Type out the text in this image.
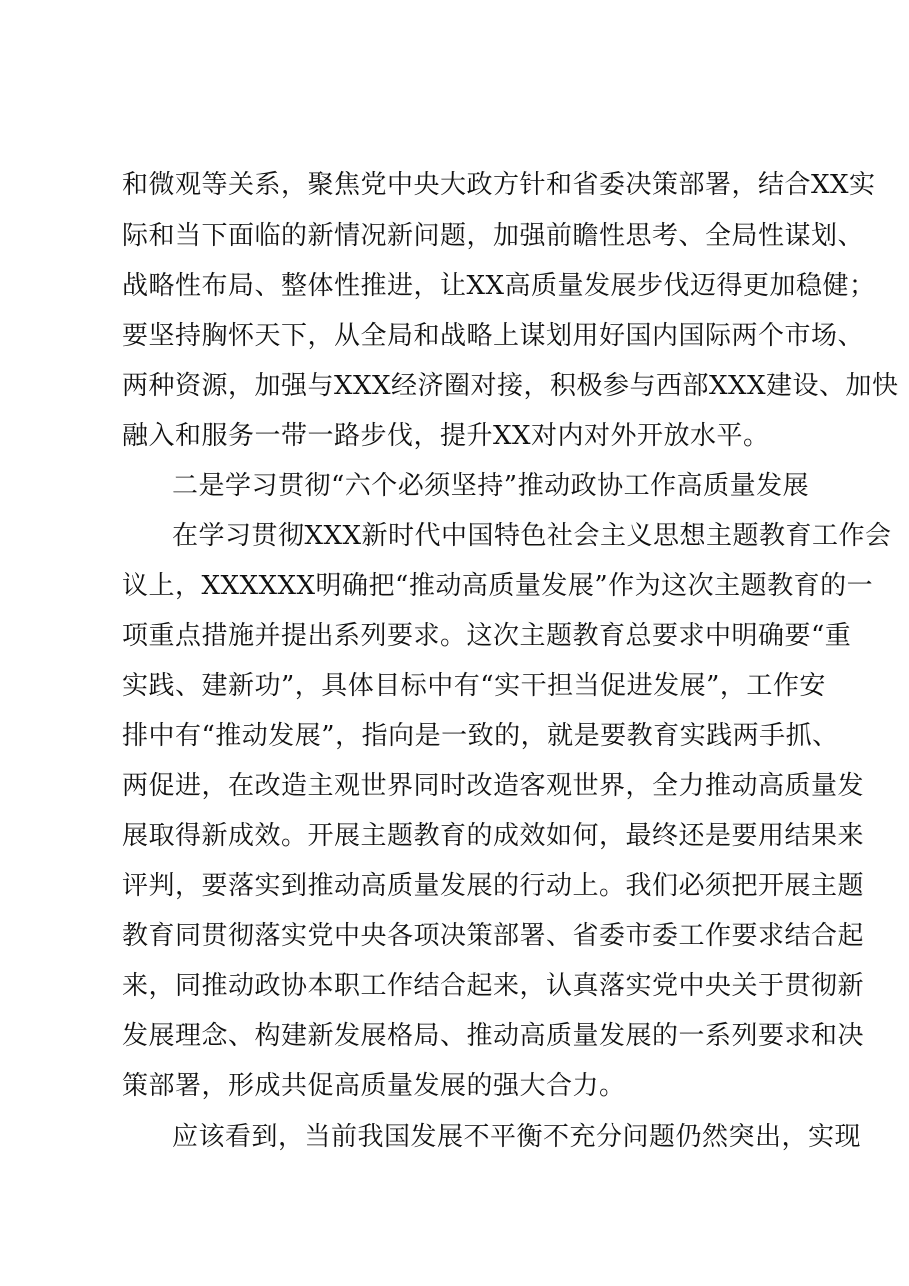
和微观等关系，聚焦党中央大政方针和省委决策部署，结合XX实
际和当下面临的新情况新问题，加强前瞻性思考、全局性谋划、
战略性布局、整体性推进，让XX高质量发展步伐迈得更加稳健；
要坚持胸怀天下，从全局和战略上谋划用好国内国际两个市场、
两种资源，加强与XXX经济圈对接，积极参与西部XXX建设、加快
融入和服务一带一路步伐，提升XX对内对外开放水平。
二是学习贯彻“六个必须坚持”推动政协工作高质量发展
在学习贯彻XXX新时代中国特色社会主义思想主题教育工作会
议上，XXXXXX明确把“推动高质量发展”作为这次主题教育的一
项重点措施并提出系列要求。这次主题教育总要求中明确要“重
实践、建新功”，具体目标中有“实干担当促进发展”，工作安
排中有“推动发展”，指向是一致的，就是要教育实践两手抓、
两促进，在改造主观世界同时改造客观世界，全力推动高质量发
展取得新成效。开展主题教育的成效如何，最终还是要用结果来
评判，要落实到推动高质量发展的行动上。我们必须把开展主题
教育同贯彻落实党中央各项决策部署、省委市委工作要求结合起
来，同推动政协本职工作结合起来，认真落实党中央关于贯彻新
发展理念、构建新发展格局、推动高质量发展的一系列要求和决
策部署，形成共促高质量发展的强大合力。
应该看到，当前我国发展不平衡不充分问题仍然突出，实现
